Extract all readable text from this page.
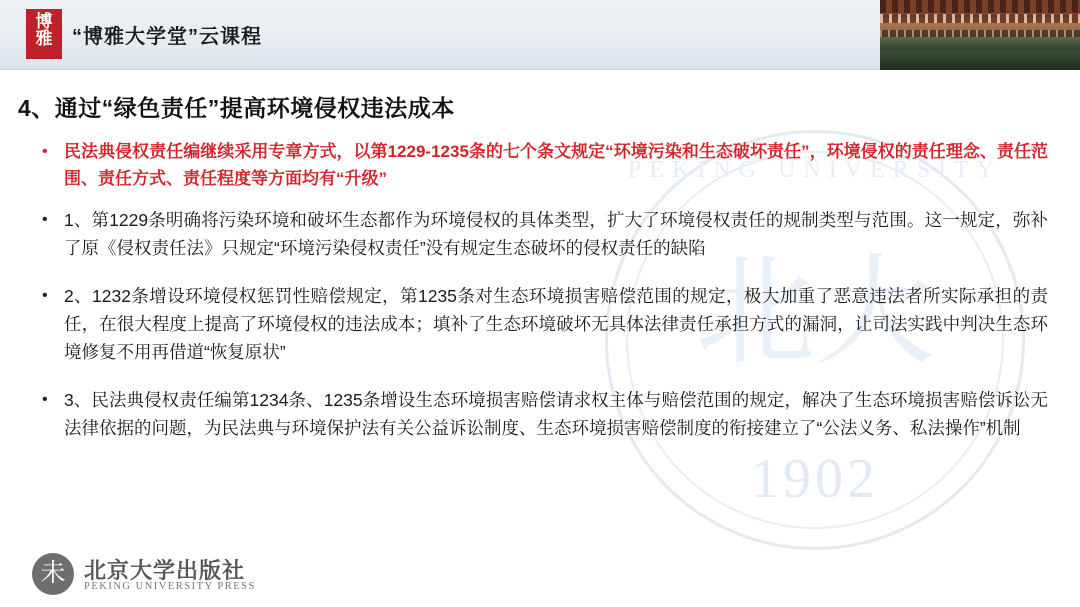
博
雅 “博雅大学堂”云课程
PEKING UNIVERSITY
北大
1902
4、通过“绿色责任”提高环境侵权违法成本
• 民法典侵权责任编继续采用专章方式，以第1229-1235条的七个条文规定“环境污染和生态破坏责任”，环境侵权的责任理念、责任范围、责任方式、责任程度等方面均有“升级”
• 1、第1229条明确将污染环境和破坏生态都作为环境侵权的具体类型，扩大了环境侵权责任的规制类型与范围。这一规定，弥补了原《侵权责任法》只规定“环境污染侵权责任”没有规定生态破坏的侵权责任的缺陷
• 2、1232条增设环境侵权惩罚性赔偿规定，第1235条对生态环境损害赔偿范围的规定，极大加重了恶意违法者所实际承担的责任，在很大程度上提高了环境侵权的违法成本；填补了生态环境破坏无具体法律责任承担方式的漏洞，让司法实践中判决生态环境修复不用再借道“恢复原状”
• 3、民法典侵权责任编第1234条、1235条增设生态环境损害赔偿请求权主体与赔偿范围的规定，解决了生态环境损害赔偿诉讼无法律依据的问题，为民法典与环境保护法有关公益诉讼制度、生态环境损害赔偿制度的衔接建立了“公法义务、私法操作”机制
未 北京大学出版社
PEKING UNIVERSITY PRESS
